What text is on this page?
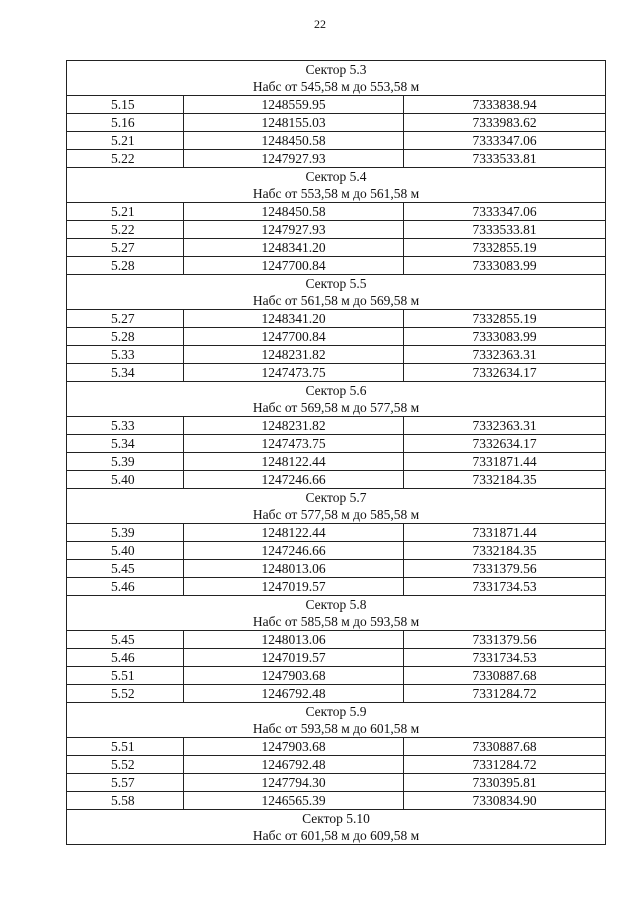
22
Сектор 5.3
Набс от 545,58 м до 553,58 м		

5.15	1248559.95	7333838.94
5.16	1248155.03	7333983.62
5.21	1248450.58	7333347.06
5.22	1247927.93	7333533.81

Сектор 5.4
Набс от 553,58 м до 561,58 м		

5.21	1248450.58	7333347.06
5.22	1247927.93	7333533.81
5.27	1248341.20	7332855.19
5.28	1247700.84	7333083.99

Сектор 5.5
Набс от 561,58 м до 569,58 м		

5.27	1248341.20	7332855.19
5.28	1247700.84	7333083.99
5.33	1248231.82	7332363.31
5.34	1247473.75	7332634.17

Сектор 5.6
Набс от 569,58 м до 577,58 м		

5.33	1248231.82	7332363.31
5.34	1247473.75	7332634.17
5.39	1248122.44	7331871.44
5.40	1247246.66	7332184.35

Сектор 5.7
Набс от 577,58 м до 585,58 м		

5.39	1248122.44	7331871.44
5.40	1247246.66	7332184.35
5.45	1248013.06	7331379.56
5.46	1247019.57	7331734.53

Сектор 5.8
Набс от 585,58 м до 593,58 м		

5.45	1248013.06	7331379.56
5.46	1247019.57	7331734.53
5.51	1247903.68	7330887.68
5.52	1246792.48	7331284.72

Сектор 5.9
Набс от 593,58 м до 601,58 м		

5.51	1247903.68	7330887.68
5.52	1246792.48	7331284.72
5.57	1247794.30	7330395.81
5.58	1246565.39	7330834.90

Сектор 5.10
Набс от 601,58 м до 609,58 м		
